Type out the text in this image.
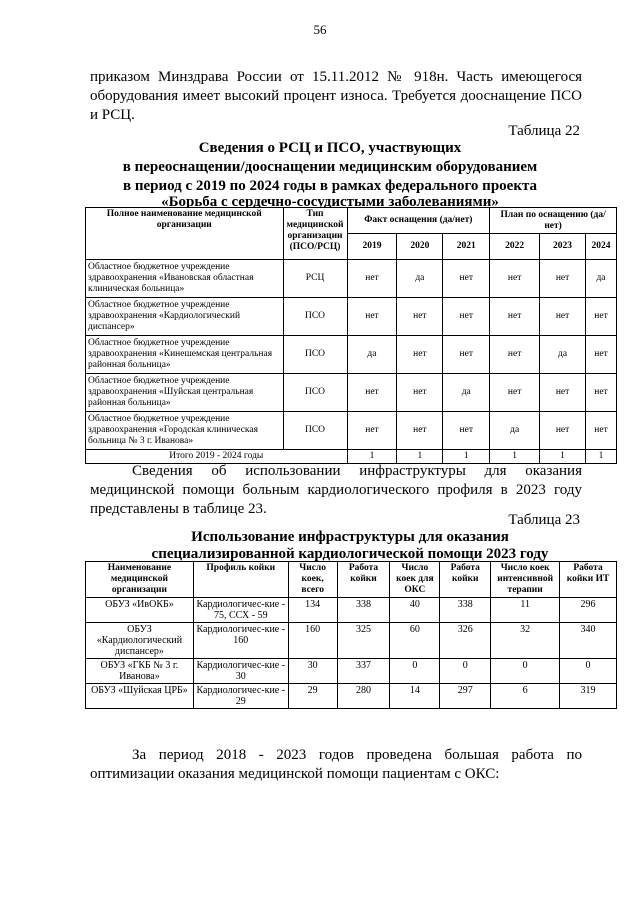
56
приказом Минздрава России от 15.11.2012 № 918н. Часть имеющегося оборудования имеет высокий процент износа. Требуется дооснащение ПСО и РСЦ.
Таблица 22
Сведения о РСЦ и ПСО, участвующих
в переоснащении/дооснащении медицинским оборудованием
в период с 2019 по 2024 годы в рамках федерального проекта
«Борьба с сердечно-сосудистыми заболеваниями»
Полное наименование медицинской организации	Тип медицинской организации (ПСО/РСЦ)	Факт оснащения (да/нет)			План по оснащению (да/нет)		
		2019	2020	2021	2022	2023	2024
Областное бюджетное учреждение здравоохранения «Ивановская областная клиническая больница»	РСЦ	нет	да	нет	нет	нет	да
Областное бюджетное учреждение здравоохранения «Кардиологический диспансер»	ПСО	нет	нет	нет	нет	нет	нет
Областное бюджетное учреждение здравоохранения «Кинешемская центральная районная больница»	ПСО	да	нет	нет	нет	да	нет
Областное бюджетное учреждение здравоохранения «Шуйская центральная районная больница»	ПСО	нет	нет	да	нет	нет	нет
Областное бюджетное учреждение здравоохранения «Городская клиническая больница № 3 г. Иванова»	ПСО	нет	нет	нет	да	нет	нет
Итого 2019 - 2024 годы		1	1	1	1	1	1
Сведения об использовании инфраструктуры для оказания медицинской помощи больным кардиологического профиля в 2023 году представлены в таблице 23.
Таблица 23
Использование инфраструктуры для оказания
специализированной кардиологической помощи 2023 году
Наименование медицинской организации	Профиль койки	Число коек, всего	Работа койки	Число коек для ОКС	Работа койки	Число коек интенсивной терапии	Работа койки ИТ
ОБУЗ «ИвОКБ»	Кардиологичес-кие - 75, ССХ - 59	134	338	40	338	11	296
ОБУЗ «Кардиологический диспансер»	Кардиологичес-кие - 160	160	325	60	326	32	340
ОБУЗ «ГКБ № 3 г. Иванова»	Кардиологичес-кие - 30	30	337	0	0	0	0
ОБУЗ «Шуйская ЦРБ»	Кардиологичес-кие - 29	29	280	14	297	6	319
За период 2018 - 2023 годов проведена большая работа по оптимизации оказания медицинской помощи пациентам с ОКС:
